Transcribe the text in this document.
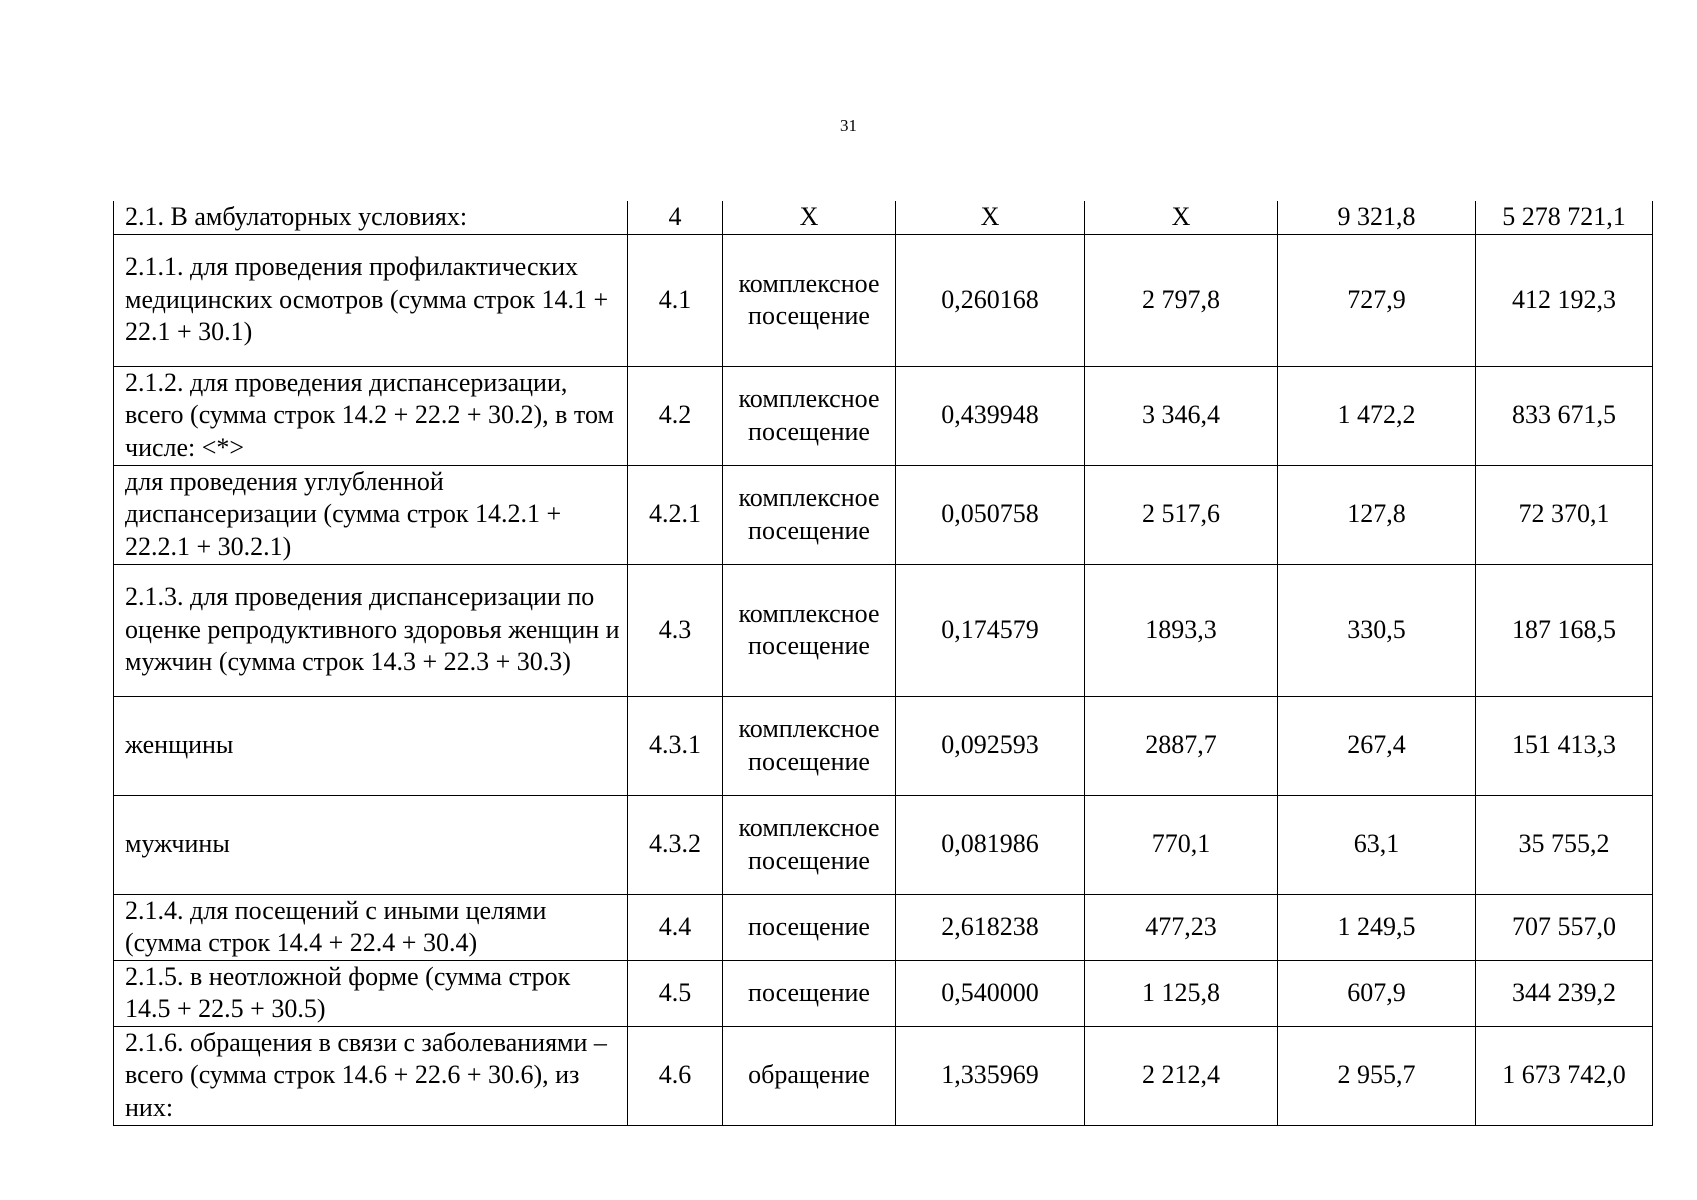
31
2.1. В амбулаторных условиях:	4	Х	Х	Х	9 321,8	5 278 721,1
2.1.1. для проведения профилактических медицинских осмотров (сумма строк 14.1 + 22.1 + 30.1)	4.1	комплексное посещение	0,260168	2 797,8	727,9	412 192,3
2.1.2. для проведения диспансеризации, всего (сумма строк 14.2 + 22.2 + 30.2), в том числе: <*>	4.2	комплексное посещение	0,439948	3 346,4	1 472,2	833 671,5
для проведения углубленной диспансеризации (сумма строк 14.2.1 + 22.2.1 + 30.2.1)	4.2.1	комплексное посещение	0,050758	2 517,6	127,8	72 370,1
2.1.3. для проведения диспансеризации по оценке репродуктивного здоровья женщин и мужчин (сумма строк 14.3 + 22.3 + 30.3)	4.3	комплексное посещение	0,174579	1893,3	330,5	187 168,5
женщины	4.3.1	комплексное посещение	0,092593	2887,7	267,4	151 413,3
мужчины	4.3.2	комплексное посещение	0,081986	770,1	63,1	35 755,2
2.1.4. для посещений с иными целями (сумма строк 14.4 + 22.4 + 30.4)	4.4	посещение	2,618238	477,23	1 249,5	707 557,0
2.1.5. в неотложной форме (сумма строк 14.5 + 22.5 + 30.5)	4.5	посещение	0,540000	1 125,8	607,9	344 239,2
2.1.6. обращения в связи с заболеваниями – всего (сумма строк 14.6 + 22.6 + 30.6), из них:	4.6	обращение	1,335969	2 212,4	2 955,7	1 673 742,0
